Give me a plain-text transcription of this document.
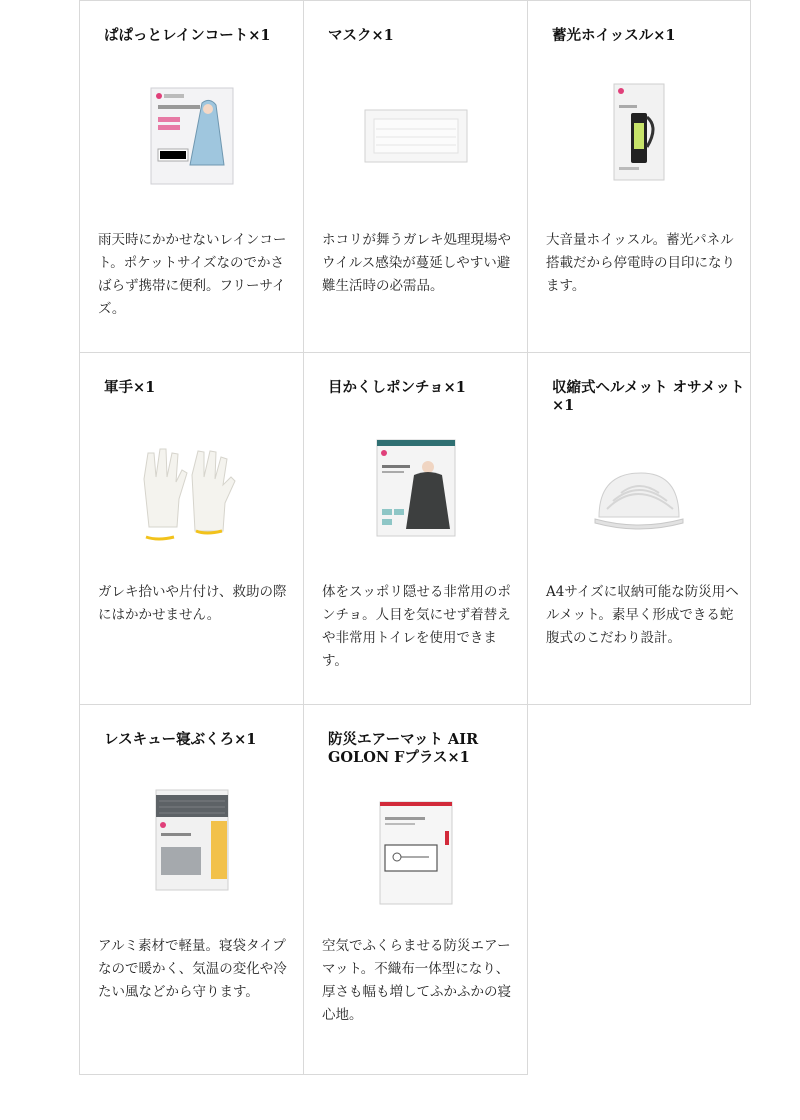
ぱぱっとレインコート×1
雨天時にかかせないレインコート。ポケットサイズなのでかさばらず携帯に便利。フリーサイズ。
マスク×1
ホコリが舞うガレキ処理現場やウイルス感染が蔓延しやすい避難生活時の必需品。
蓄光ホイッスル×1
大音量ホイッスル。蓄光パネル搭載だから停電時の目印になります。
軍手×1
ガレキ拾いや片付け、救助の際にはかかせません。
目かくしポンチョ×1
体をスッポリ隠せる非常用のポンチョ。人目を気にせず着替えや非常用トイレを使用できます。
収縮式ヘルメット オサメット×1
A4サイズに収納可能な防災用ヘルメット。素早く形成できる蛇腹式のこだわり設計。
レスキュー寝ぶくろ×1
アルミ素材で軽量。寝袋タイプなので暖かく、気温の変化や冷たい風などから守ります。
防災エアーマット AIR GOLON Fプラス×1
空気でふくらませる防災エアーマット。不織布一体型になり、厚さも幅も増してふかふかの寝心地。
